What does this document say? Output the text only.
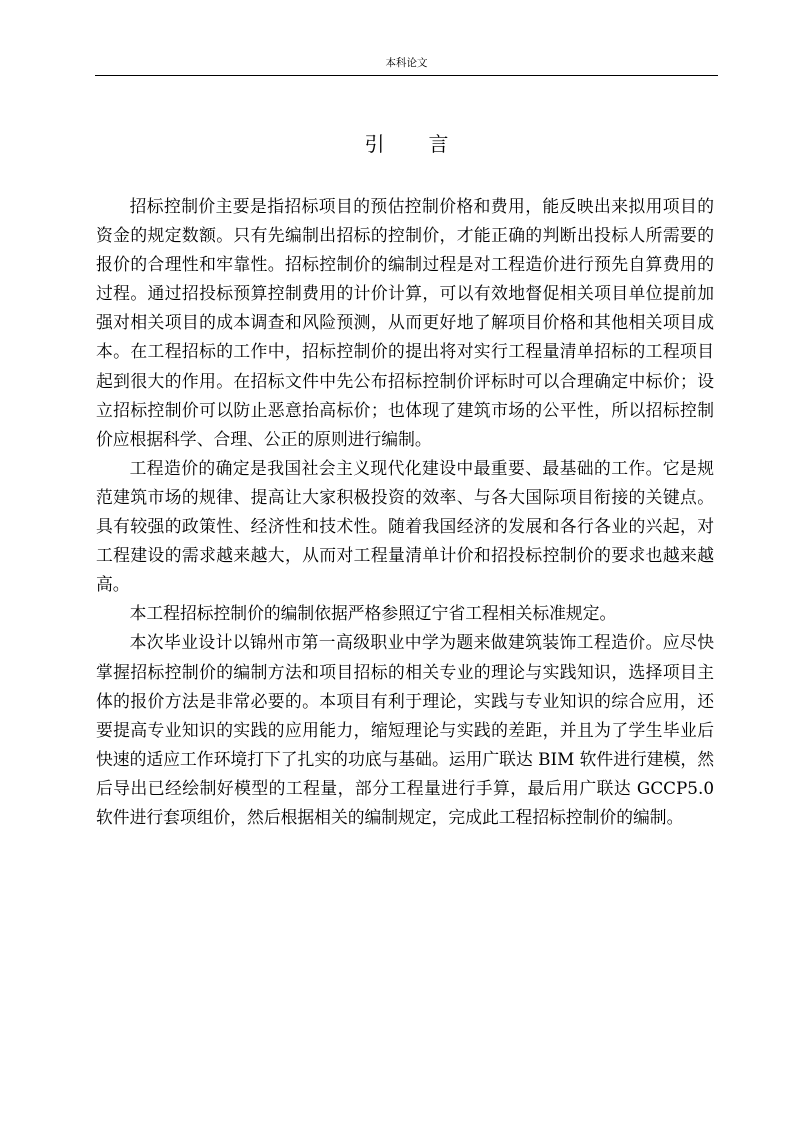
本科论文
引 言

招标控制价主要是指招标项目的预估控制价格和费用，能反映出来拟用项目的资金的规定数额。只有先编制出招标的控制价，才能正确的判断出投标人所需要的报价的合理性和牢靠性。招标控制价的编制过程是对工程造价进行预先自算费用的过程。通过招投标预算控制费用的计价计算，可以有效地督促相关项目单位提前加强对相关项目的成本调查和风险预测，从而更好地了解项目价格和其他相关项目成本。在工程招标的工作中，招标控制价的提出将对实行工程量清单招标的工程项目起到很大的作用。在招标文件中先公布招标控制价评标时可以合理确定中标价；设立招标控制价可以防止恶意抬高标价；也体现了建筑市场的公平性，所以招标控制价应根据科学、合理、公正的原则进行编制。

工程造价的确定是我国社会主义现代化建设中最重要、最基础的工作。它是规范建筑市场的规律、提高让大家积极投资的效率、与各大国际项目衔接的关键点。具有较强的政策性、经济性和技术性。随着我国经济的发展和各行各业的兴起，对工程建设的需求越来越大，从而对工程量清单计价和招投标控制价的要求也越来越高。

本工程招标控制价的编制依据严格参照辽宁省工程相关标准规定。

本次毕业设计以锦州市第一高级职业中学为题来做建筑装饰工程造价。应尽快掌握招标控制价的编制方法和项目招标的相关专业的理论与实践知识，选择项目主体的报价方法是非常必要的。本项目有利于理论，实践与专业知识的综合应用，还要提高专业知识的实践的应用能力，缩短理论与实践的差距，并且为了学生毕业后快速的适应工作环境打下了扎实的功底与基础。运用广联达 BIM 软件进行建模，然后导出已经绘制好模型的工程量，部分工程量进行手算，最后用广联达 GCCP5.0 软件进行套项组价，然后根据相关的编制规定，完成此工程招标控制价的编制。
